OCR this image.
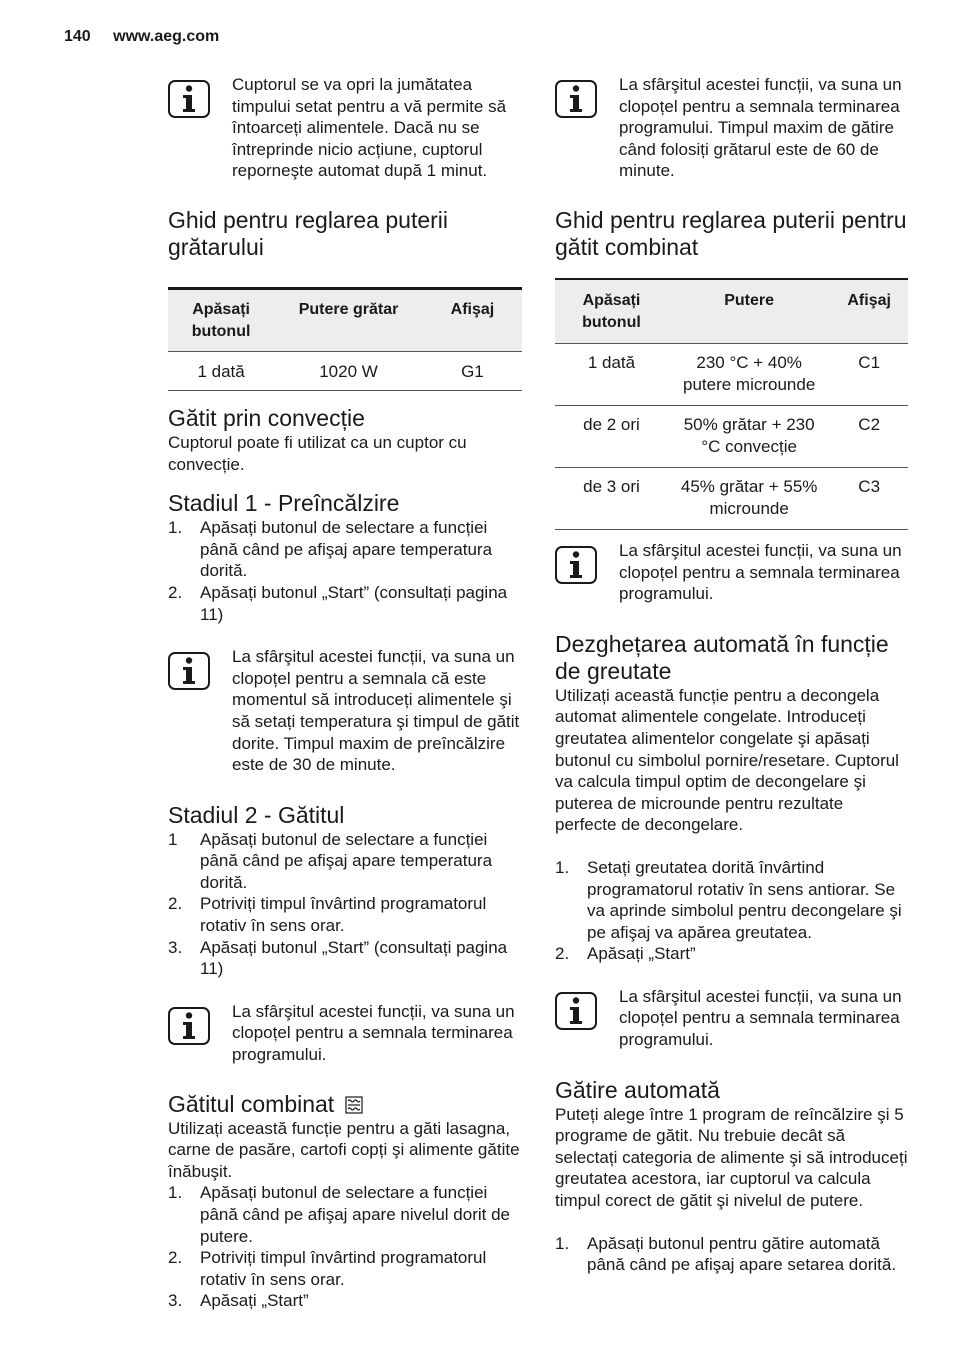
140 www.aeg.com
Cuptorul se va opri la jumătatea timpului setat pentru a vă permite să întoarceți alimentele. Dacă nu se întreprinde nicio acțiune, cuptorul reporneşte automat după 1 minut.
Ghid pentru reglarea puterii grătarului
Apăsați butonul	Putere grătar	Afişaj
1 dată	1020 W	G1
Gătit prin convecție

Cuptorul poate fi utilizat ca un cuptor cu convecție.

Stadiul 1 - Preîncălzire
1.	Apăsați butonul de selectare a funcției până când pe afişaj apare temperatura dorită.
2.	Apăsați butonul „Start” (consultați pagina 11)
La sfârşitul acestei funcții, va suna un clopoțel pentru a semnala că este momentul să introduceți alimentele şi să setați temperatura şi timpul de gătit dorite. Timpul maxim de preîncălzire este de 30 de minute.
Stadiul 2 - Gătitul
1	Apăsați butonul de selectare a funcției până când pe afişaj apare temperatura dorită.
2.	Potriviți timpul învârtind programatorul rotativ în sens orar.
3.	Apăsați butonul „Start” (consultați pagina 11)
La sfârşitul acestei funcții, va suna un clopoțel pentru a semnala terminarea programului.
Gătitul combinat

Utilizați această funcție pentru a găti lasagna, carne de pasăre, cartofi copți şi alimente gătite înăbuşit.

1.	Apăsați butonul de selectare a funcției până când pe afişaj apare nivelul dorit de putere.
2.	Potriviți timpul învârtind programatorul rotativ în sens orar.
3.	Apăsați „Start”
La sfârşitul acestei funcții, va suna un clopoțel pentru a semnala terminarea programului. Timpul maxim de gătire când folosiți grătarul este de 60 de minute.
Ghid pentru reglarea puterii pentru gătit combinat
Apăsați butonul	Putere	Afişaj
1 dată	230 °C + 40% putere microunde	C1
de 2 ori	50% grătar + 230 °C convecție	C2
de 3 ori	45% grătar + 55% microunde	C3
La sfârşitul acestei funcții, va suna un clopoțel pentru a semnala terminarea programului.
Dezghețarea automată în funcție de greutate

Utilizați această funcție pentru a decongela automat alimentele congelate. Introduceți greutatea alimentelor congelate şi apăsați butonul cu simbolul pornire/resetare. Cuptorul va calcula timpul optim de decongelare şi puterea de microunde pentru rezultate perfecte de decongelare.

1.	Setați greutatea dorită învârtind programatorul rotativ în sens antiorar. Se va aprinde simbolul pentru decongelare şi pe afişaj va apărea greutatea.
2.	Apăsați „Start”
La sfârşitul acestei funcții, va suna un clopoțel pentru a semnala terminarea programului.
Gătire automată

Puteți alege între 1 program de reîncălzire şi 5 programe de gătit. Nu trebuie decât să selectați categoria de alimente şi să introduceți greutatea acestora, iar cuptorul va calcula timpul corect de gătit şi nivelul de putere.

1.	Apăsați butonul pentru gătire automată până când pe afişaj apare setarea dorită.
